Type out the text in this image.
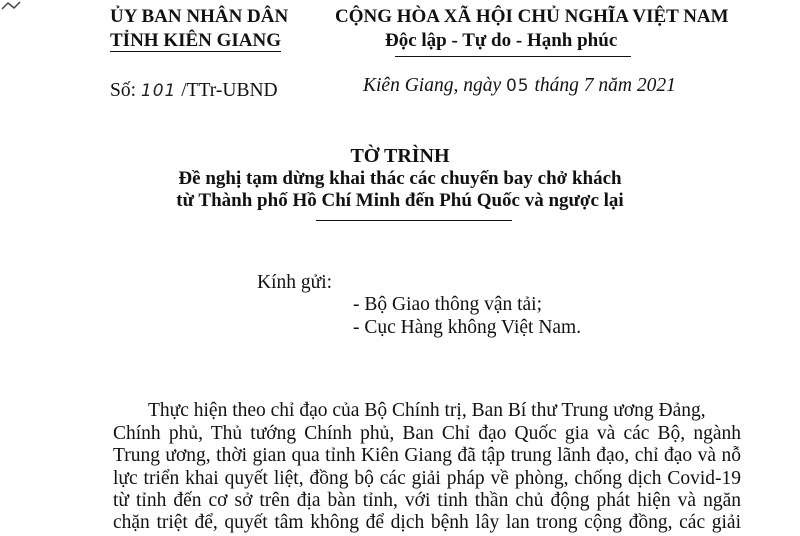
ỦY BAN NHÂN DÂN
TỈNH KIÊN GIANG
CỘNG HÒA XÃ HỘI CHỦ NGHĨA VIỆT NAM
Độc lập - Tự do - Hạnh phúc
Số: 101 /TTr-UBND	Kiên Giang, ngày 05 tháng 7 năm 2021
TỜ TRÌNH
Đề nghị tạm dừng khai thác các chuyến bay chở khách
từ Thành phố Hồ Chí Minh đến Phú Quốc và ngược lại
Kính gửi:
- Bộ Giao thông vận tải;
- Cục Hàng không Việt Nam.
Thực hiện theo chỉ đạo của Bộ Chính trị, Ban Bí thư Trung ương Đảng,
Chính phủ, Thủ tướng Chính phủ, Ban Chỉ đạo Quốc gia và các Bộ, ngành
Trung ương, thời gian qua tỉnh Kiên Giang đã tập trung lãnh đạo, chỉ đạo và nỗ
lực triển khai quyết liệt, đồng bộ các giải pháp về phòng, chống dịch Covid-19
từ tỉnh đến cơ sở trên địa bàn tỉnh, với tinh thần chủ động phát hiện và ngăn
chặn triệt để, quyết tâm không để dịch bệnh lây lan trong cộng đồng, các giải
